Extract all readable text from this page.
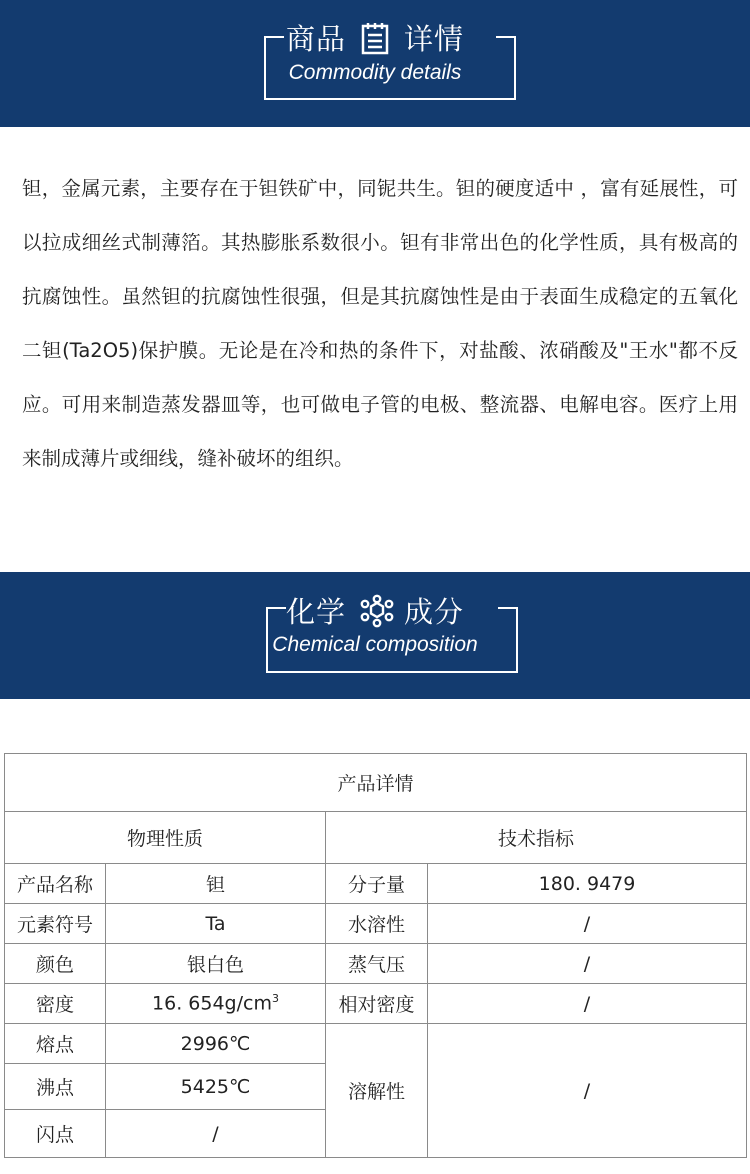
商品 详情
Commodity details

钽，金属元素，主要存在于钽铁矿中，同铌共生。钽的硬度适中 ，富有延展性，可以拉成细丝式制薄箔。其热膨胀系数很小。钽有非常出色的化学性质，具有极高的抗腐蚀性。虽然钽的抗腐蚀性很强，但是其抗腐蚀性是由于表面生成稳定的五氧化二钽(Ta2O5)保护膜。无论是在冷和热的条件下，对盐酸、浓硝酸及"王水"都不反应。可用来制造蒸发器皿等，也可做电子管的电极、整流器、电解电容。医疗上用来制成薄片或细线，缝补破坏的组织。

化学 成分
Chemical composition
产品详情			
物理性质		技术指标	
产品名称	钽	分子量	180. 9479
元素符号	Ta	水溶性	/
颜色	银白色	蒸气压	/
密度	16. $654g/cm^3$	相对密度	/
熔点	2996℃	溶解性	/
沸点	5425℃		
闪点	/		
